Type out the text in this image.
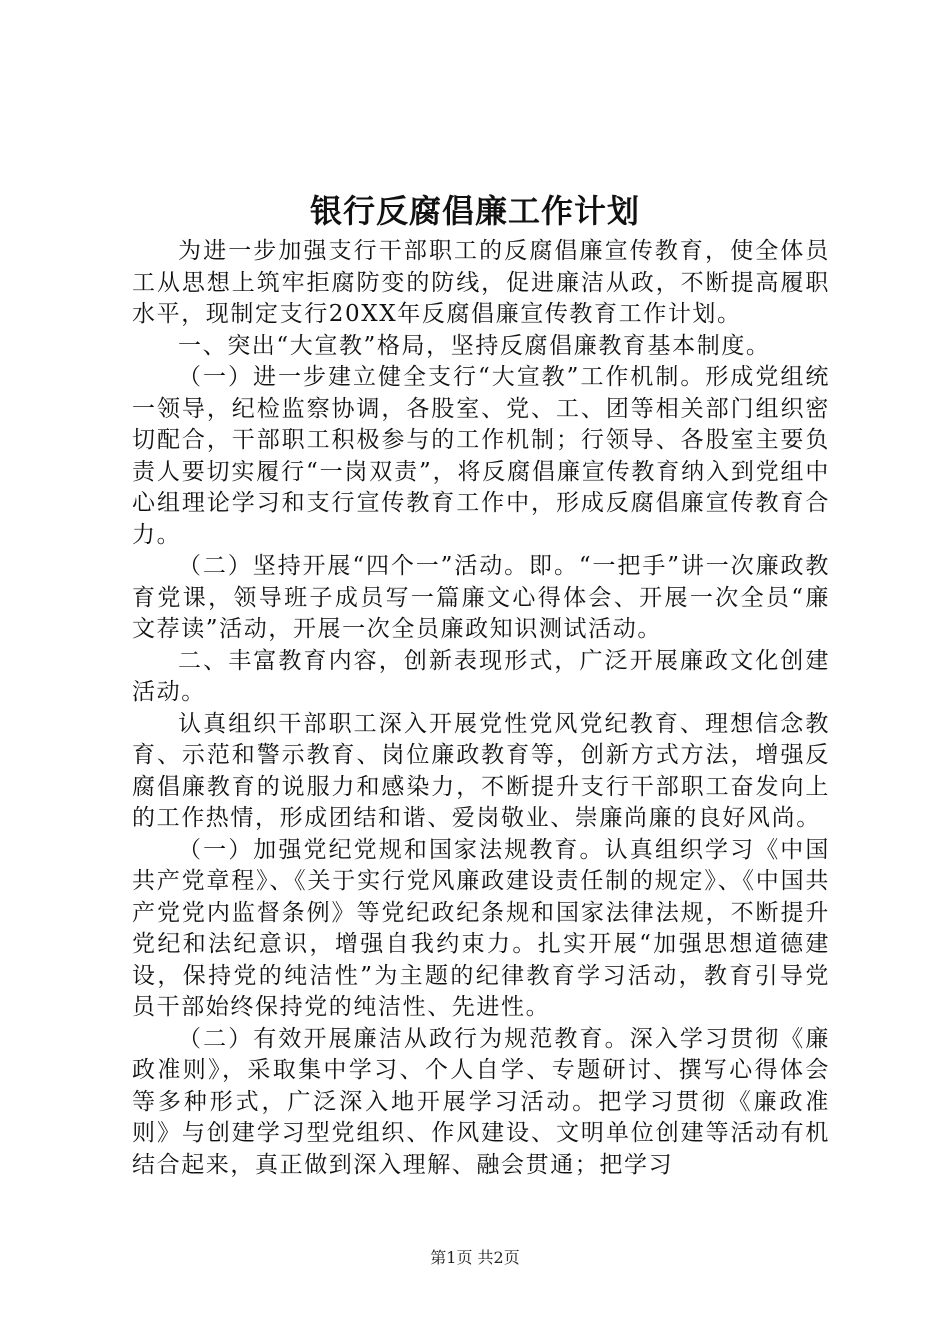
银行反腐倡廉工作计划

为进一步加强支行干部职工的反腐倡廉宣传教育，使全体员工从思想上筑牢拒腐防变的防线，促进廉洁从政，不断提高履职水平，现制定支行20XX年反腐倡廉宣传教育工作计划。

一、突出“大宣教”格局，坚持反腐倡廉教育基本制度。

（一）进一步建立健全支行“大宣教”工作机制。形成党组统一领导，纪检监察协调，各股室、党、工、团等相关部门组织密切配合，干部职工积极参与的工作机制；行领导、各股室主要负责人要切实履行“一岗双责”，将反腐倡廉宣传教育纳入到党组中心组理论学习和支行宣传教育工作中，形成反腐倡廉宣传教育合力。

（二）坚持开展“四个一”活动。即。“一把手”讲一次廉政教育党课，领导班子成员写一篇廉文心得体会、开展一次全员“廉文荐读”活动，开展一次全员廉政知识测试活动。

二、丰富教育内容，创新表现形式，广泛开展廉政文化创建活动。

认真组织干部职工深入开展党性党风党纪教育、理想信念教育、示范和警示教育、岗位廉政教育等，创新方式方法，增强反腐倡廉教育的说服力和感染力，不断提升支行干部职工奋发向上的工作热情，形成团结和谐、爱岗敬业、崇廉尚廉的良好风尚。

（一）加强党纪党规和国家法规教育。认真组织学习《中国共产党章程》、《关于实行党风廉政建设责任制的规定》、《中国共产党党内监督条例》等党纪政纪条规和国家法律法规，不断提升党纪和法纪意识，增强自我约束力。扎实开展“加强思想道德建设，保持党的纯洁性”为主题的纪律教育学习活动，教育引导党员干部始终保持党的纯洁性、先进性。

（二）有效开展廉洁从政行为规范教育。深入学习贯彻《廉政准则》，采取集中学习、个人自学、专题研讨、撰写心得体会等多种形式，广泛深入地开展学习活动。把学习贯彻《廉政准则》与创建学习型党组织、作风建设、文明单位创建等活动有机结合起来，真正做到深入理解、融会贯通；把学习

第1页 共2页
